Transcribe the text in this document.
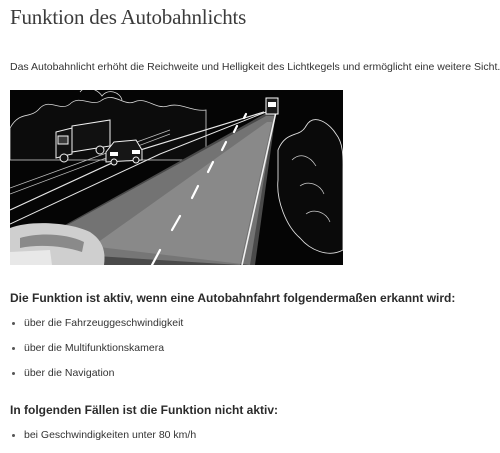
Funktion des Autobahnlichts

Das Autobahnlicht erhöht die Reichweite und Helligkeit des Lichtkegels und ermöglicht eine weitere Sicht.

Die Funktion ist aktiv, wenn eine Autobahnfahrt folgendermaßen erkannt wird:
über die Fahrzeuggeschwindigkeit
über die Multifunktionskamera
über die Navigation
In folgenden Fällen ist die Funktion nicht aktiv:
bei Geschwindigkeiten unter 80 km/h
